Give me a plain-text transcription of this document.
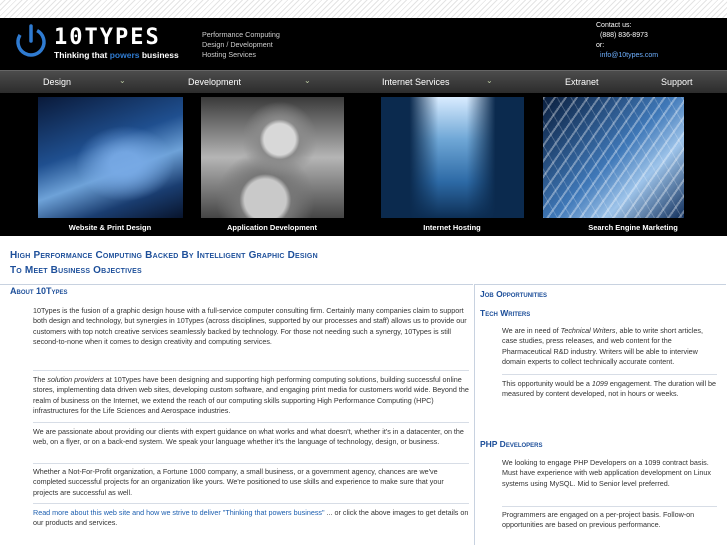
10TYPES
Thinking that powers business
Performance Computing
Design / Development
Hosting Services
Contact us:
(888) 836-8973
or:
info@10types.com
Design	⌄	Development	⌄	Internet Services	⌄	Extranet	Support
Website & Print Design	Application Development	Internet Hosting	Search Engine Marketing
High Performance Computing Backed By Intelligent Graphic Design
To Meet Business Objectives
About 10Types
10Types is the fusion of a graphic design house with a full-service computer consulting firm. Certainly many companies claim to support both design and technology, but synergies in 10Types (across disciplines, supported by our processes and staff) allows us to provide our customers with top notch creative services seamlessly backed by technology. For those not needing such a synergy, 10Types is still second-to-none when it comes to design creativity and computing services.
The solution providers at 10Types have been designing and supporting high performing computing solutions, building successful online stores, implementing data driven web sites, developing custom software, and engaging print media for customers world wide. Beyond the realm of business on the Internet, we extend the reach of our computing skills supporting High Performance Computing (HPC) infrastructures for the Life Sciences and Aerospace industries.
We are passionate about providing our clients with expert guidance on what works and what doesn't, whether it's in a datacenter, on the web, on a flyer, or on a back-end system. We speak your language whether it's the language of technology, design, or business.
Whether a Not-For-Profit organization, a Fortune 1000 company, a small business, or a government agency, chances are we've completed successful projects for an organization like yours. We're positioned to use skills and experience to make sure that your projects are successful as well.
Read more about this web site and how we strive to deliver "Thinking that powers business" ... or click the above images to get details on our products and services.
Job Opportunities
Tech Writers
We are in need of Technical Writers, able to write short articles, case studies, press releases, and web content for the Pharmaceutical R&D industry. Writers will be able to interview domain experts to collect technically accurate content.
This opportunity would be a 1099 engagement. The duration will be measured by content developed, not in hours or weeks.
PHP Developers
We looking to engage PHP Developers on a 1099 contract basis. Must have experience with web application development on Linux systems using MySQL. Mid to Senior level preferred.
Programmers are engaged on a per-project basis. Follow-on opportunities are based on previous performance.
